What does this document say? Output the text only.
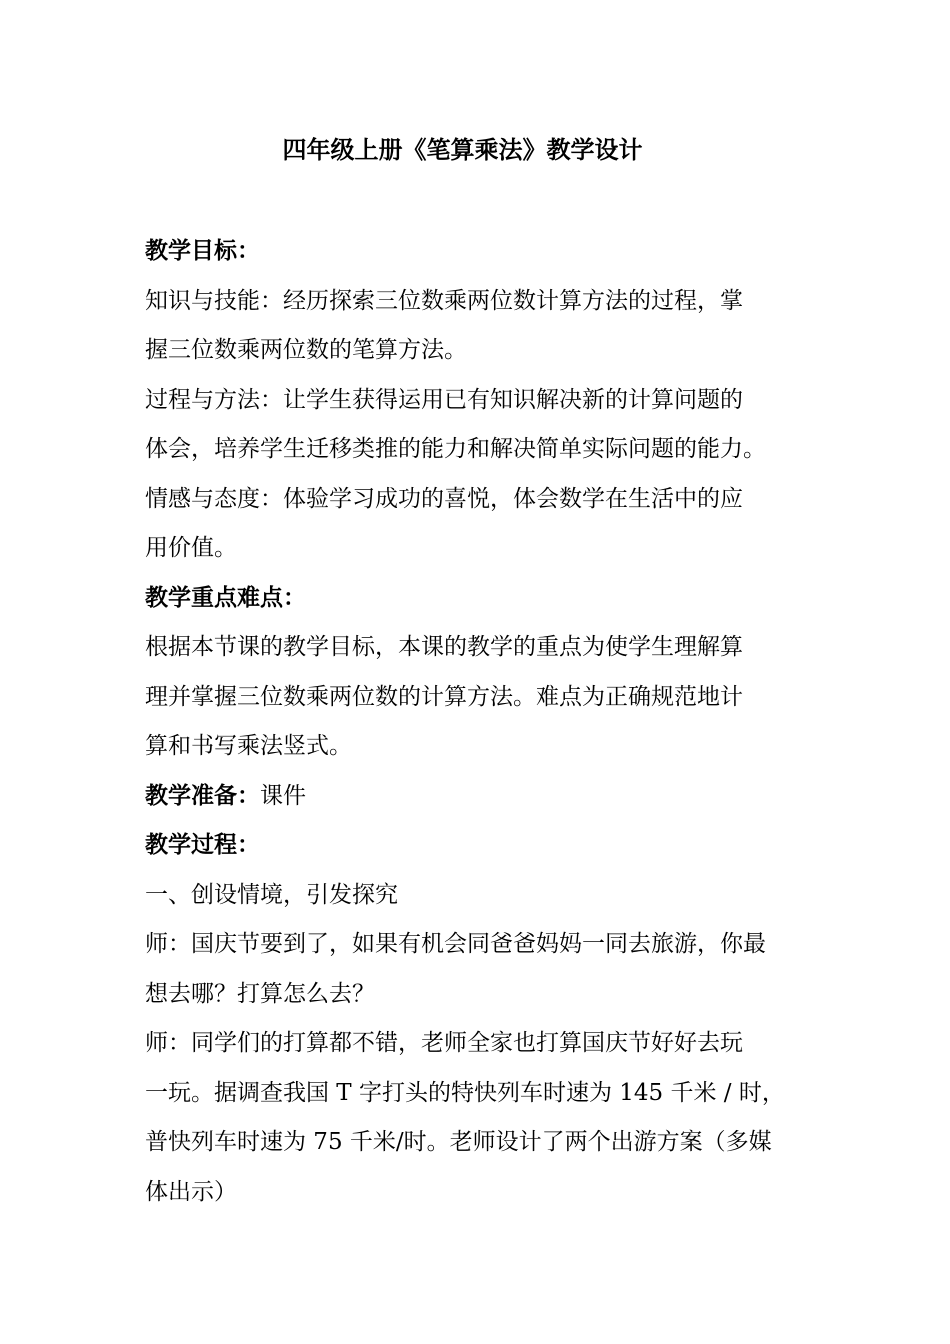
四年级上册《笔算乘法》教学设计
教学目标：
知识与技能：经历探索三位数乘两位数计算方法的过程，掌
握三位数乘两位数的笔算方法。
过程与方法：让学生获得运用已有知识解决新的计算问题的
体会，培养学生迁移类推的能力和解决简单实际问题的能力。
情感与态度：体验学习成功的喜悦，体会数学在生活中的应
用价值。
教学重点难点：
根据本节课的教学目标，本课的教学的重点为使学生理解算
理并掌握三位数乘两位数的计算方法。难点为正确规范地计
算和书写乘法竖式。
教学准备：课件
教学过程：
一、创设情境，引发探究
师：国庆节要到了，如果有机会同爸爸妈妈一同去旅游，你最
想去哪？打算怎么去？
师：同学们的打算都不错，老师全家也打算国庆节好好去玩
一玩。据调查我国 T 字打头的特快列车时速为 145 千米 / 时，
普快列车时速为 75 千米/时。老师设计了两个出游方案（多媒
体出示）
